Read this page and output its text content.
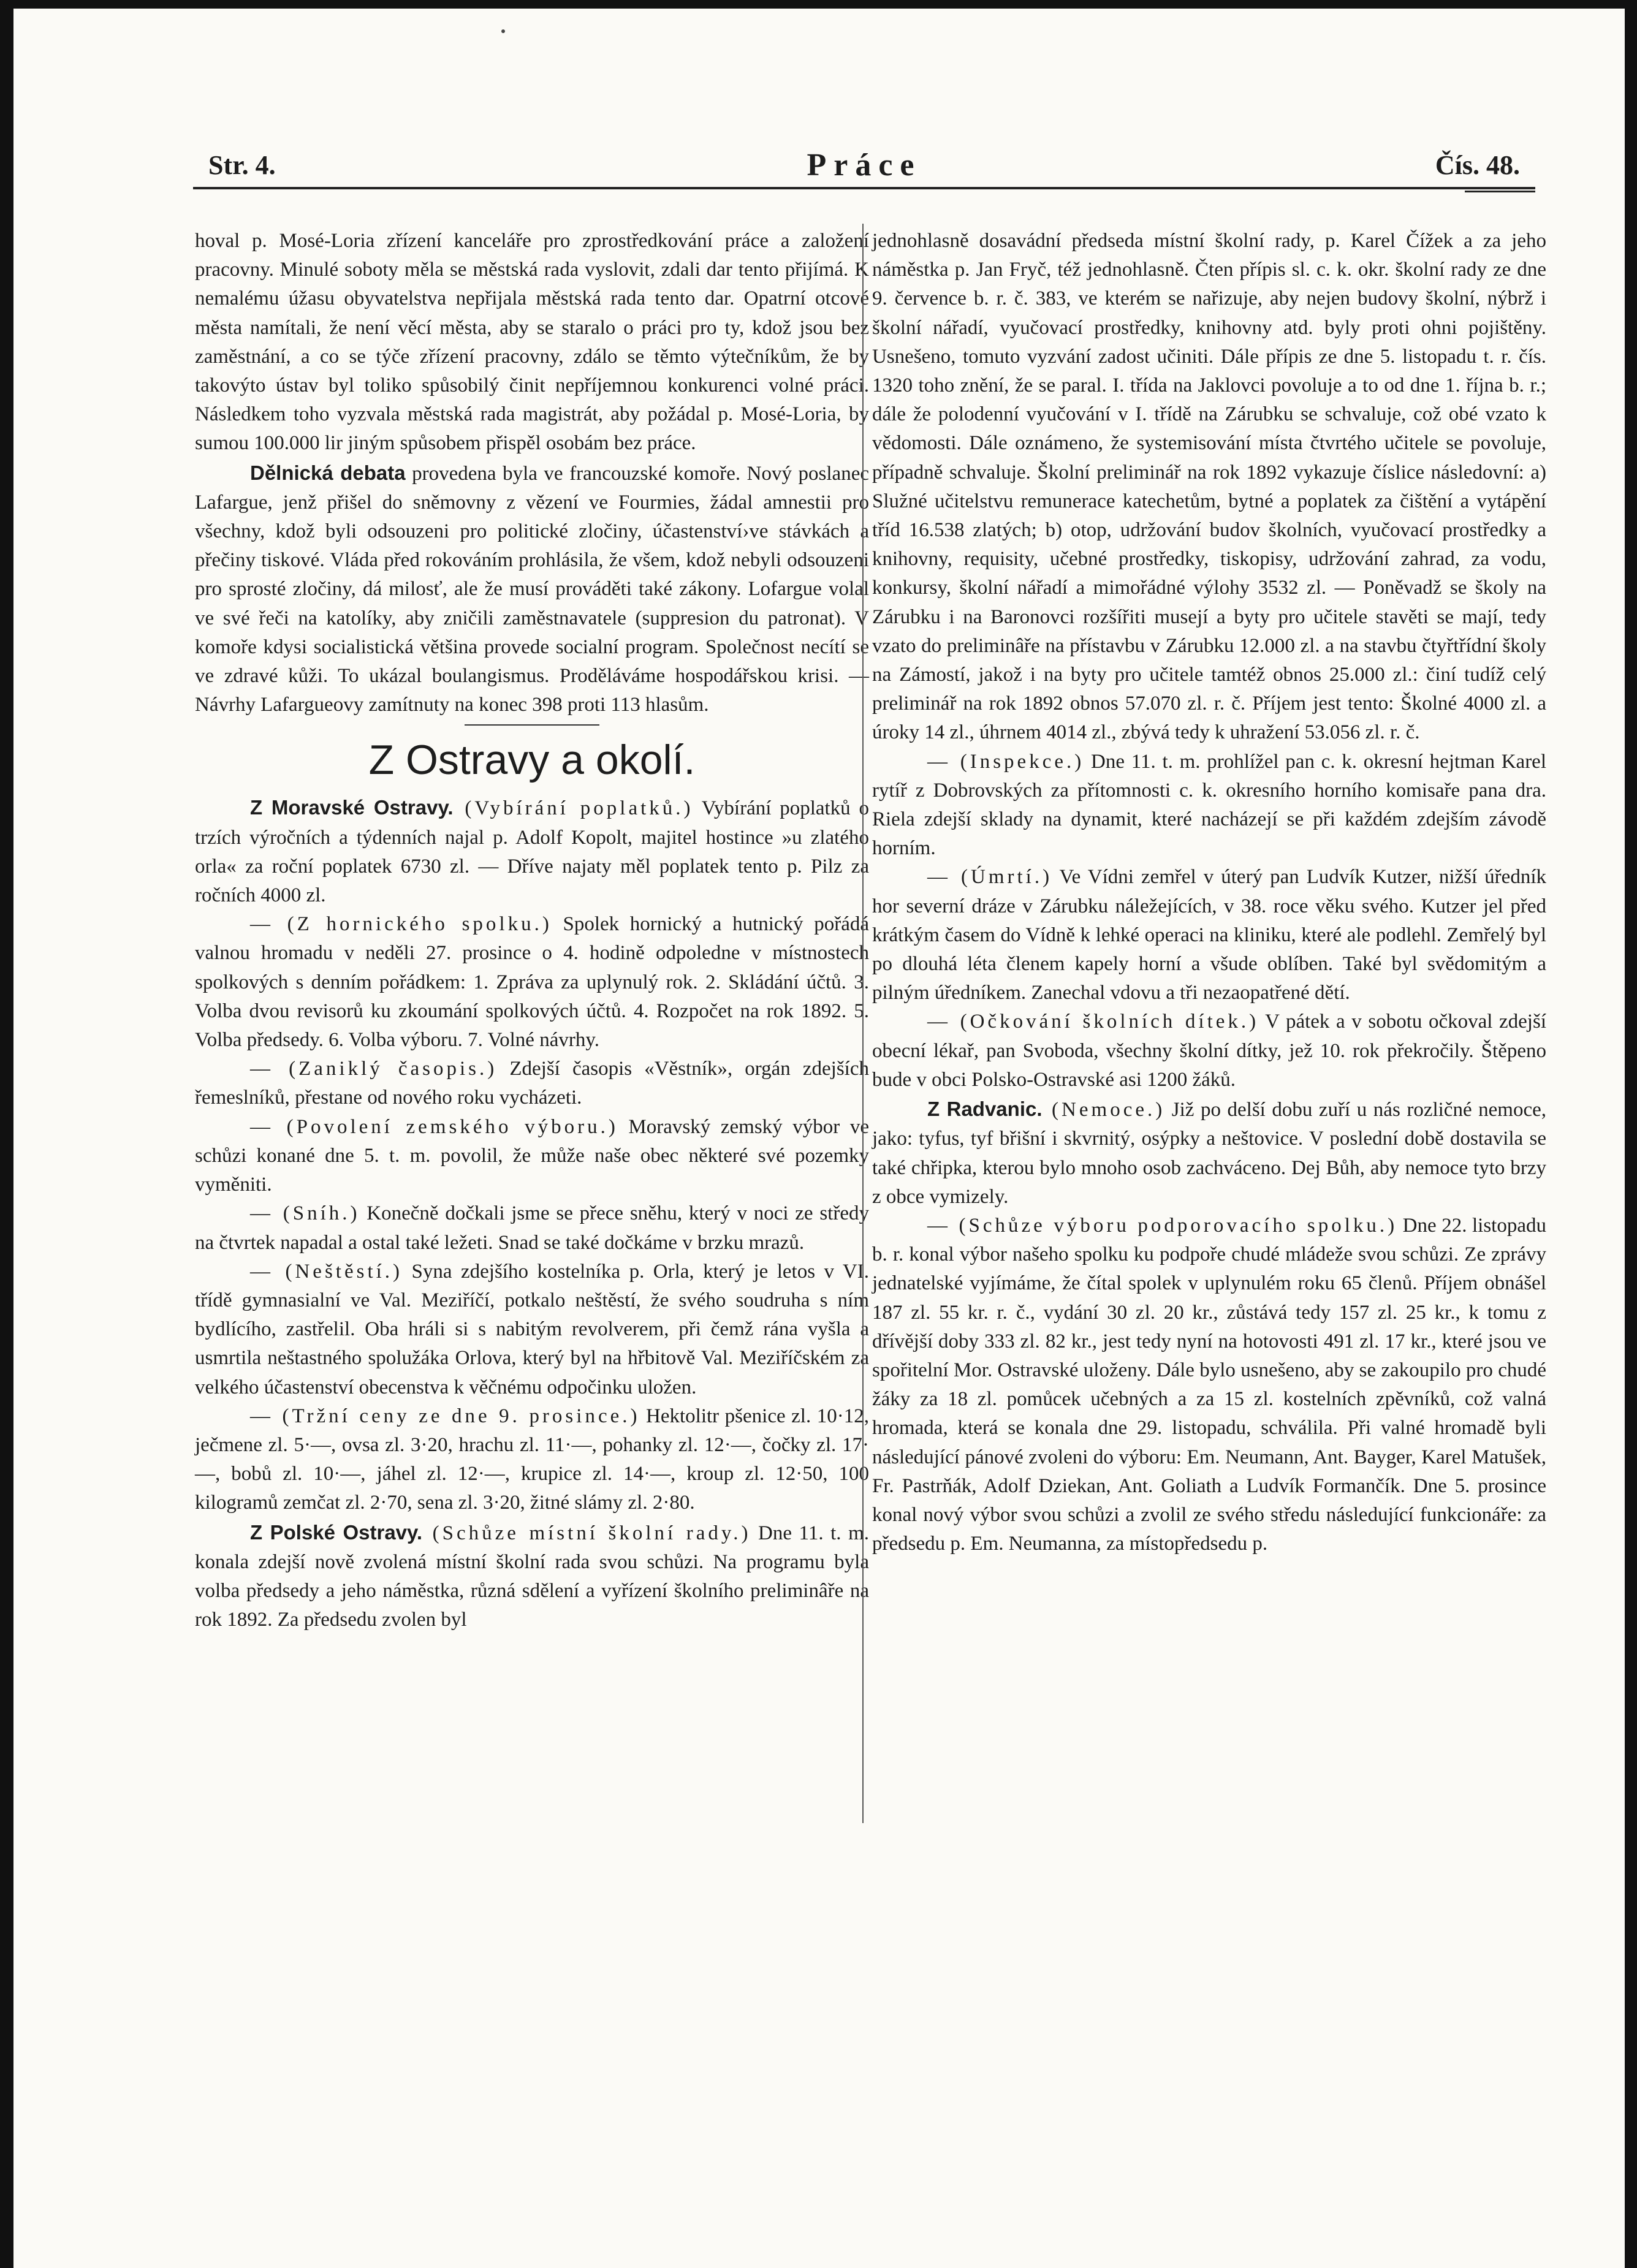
Str. 4.	Práce	Čís. 48.

hoval p. Mosé-Loria zřízení kanceláře pro zprostředkování práce a založení pracovny. Minulé soboty měla se městská rada vyslovit, zdali dar tento přijímá. K nemalému úžasu obyvatelstva nepřijala městská rada tento dar. Opatrní otcové města namítali, že není věcí města, aby se staralo o práci pro ty, kdož jsou bez zaměstnání, a co se týče zřízení pracovny, zdálo se těmto výtečníkům, že by takovýto ústav byl toliko spůsobilý činit nepříjemnou konkurenci volné práci. Následkem toho vyzvala městská rada magistrát, aby požádal p. Mosé-Loria, by sumou 100.000 lir jiným spůsobem přispěl osobám bez práce.

Dělnická debata provedena byla ve francouzské komoře. Nový poslanec Lafargue, jenž přišel do sněmovny z vězení ve Fourmies, žádal amnestii pro všechny, kdož byli odsouzeni pro politické zločiny, účastenství›ve stávkách a přečiny tiskové. Vláda před rokováním prohlásila, že všem, kdož nebyli odsouzeni pro sprosté zločiny, dá milosť, ale že musí prováděti také zákony. Lofargue volal ve své řeči na katolíky, aby zničili zaměstnavatele (suppresion du patronat). V komoře kdysi socialistická většina provede socialní program. Společnost necítí se ve zdravé kůži. To ukázal boulangismus. Proděláváme hospodářskou krisi. — Návrhy Lafargueovy zamítnuty na konec 398 proti 113 hlasům.

Z Ostravy a okolí.

Z Moravské Ostravy. (Vybírání poplatků.) Vybírání poplatků o trzích výročních a týdenních najal p. Adolf Kopolt, majitel hostince »u zlatého orla« za roční poplatek 6730 zl. — Dříve najaty měl poplatek tento p. Pilz za ročních 4000 zl.

— (Z hornického spolku.) Spolek hornický a hutnický pořádá valnou hromadu v neděli 27. prosince o 4. hodině odpoledne v místnostech spolkových s denním pořádkem: 1. Zpráva za uplynulý rok. 2. Skládání účtů. 3. Volba dvou revisorů ku zkoumání spolkových účtů. 4. Rozpočet na rok 1892. 5. Volba předsedy. 6. Volba výboru. 7. Volné návrhy.

— (Zaniklý časopis.) Zdejší časopis «Věstník», orgán zdejších řemeslníků, přestane od nového roku vycházeti.

— (Povolení zemského výboru.) Moravský zemský výbor ve schůzi konané dne 5. t. m. povolil, že může naše obec některé své pozemky vyměniti.

— (Sníh.) Konečně dočkali jsme se přece sněhu, který v noci ze středy na čtvrtek napadal a ostal také ležeti. Snad se také dočkáme v brzku mrazů.

— (Neštěstí.) Syna zdejšího kostelníka p. Orla, který je letos v VI. třídě gymnasialní ve Val. Meziříčí, potkalo neštěstí, že svého soudruha s ním bydlícího, zastřelil. Oba hráli si s nabitým revolverem, při čemž rána vyšla a usmrtila neštastného spolužáka Orlova, který byl na hřbitově Val. Meziříčském za velkého účastenství obecenstva k věčnému odpočinku uložen.

— (Tržní ceny ze dne 9. prosince.) Hektolitr pšenice zl. 10·12, ječmene zl. 5·—, ovsa zl. 3·20, hrachu zl. 11·—, pohanky zl. 12·—, čočky zl. 17·—, bobů zl. 10·—, jáhel zl. 12·—, krupice zl. 14·—, kroup zl. 12·50, 100 kilogramů zemčat zl. 2·70, sena zl. 3·20, žitné slámy zl. 2·80.

Z Polské Ostravy. (Schůze místní školní rady.) Dne 11. t. m. konala zdejší nově zvolená místní školní rada svou schůzi. Na programu byla volba předsedy a jeho náměstka, různá sdělení a vyřízení školního preliminâře na rok 1892. Za předsedu zvolen byl

jednohlasně dosavádní předseda místní školní rady, p. Karel Čížek a za jeho náměstka p. Jan Fryč, též jednohlasně. Čten přípis sl. c. k. okr. školní rady ze dne 9. července b. r. č. 383, ve kterém se nařizuje, aby nejen budovy školní, nýbrž i školní nářadí, vyučovací prostředky, knihovny atd. byly proti ohni pojištěny. Usnešeno, tomuto vyzvání zadost učiniti. Dále přípis ze dne 5. listopadu t. r. čís. 1320 toho znění, že se paral. I. třída na Jaklovci povoluje a to od dne 1. října b. r.; dále že polodenní vyučování v I. třídě na Zárubku se schvaluje, což obé vzato k vědomosti. Dále oznámeno, že systemisování místa čtvrtého učitele se povoluje, případně schvaluje. Školní preliminář na rok 1892 vykazuje číslice následovní: a) Služné učitelstvu remunerace katechetům, bytné a poplatek za čištění a vytápění tříd 16.538 zlatých; b) otop, udržování budov školních, vyučovací prostředky a knihovny, requisity, učebné prostředky, tiskopisy, udržování zahrad, za vodu, konkursy, školní nářadí a mimořádné výlohy 3532 zl. — Poněvadž se školy na Zárubku i na Baronovci rozšířiti musejí a byty pro učitele stavěti se mají, tedy vzato do preliminâře na přístavbu v Zárubku 12.000 zl. a na stavbu čtyřtřídní školy na Zámostí, jakož i na byty pro učitele tamtéž obnos 25.000 zl.: činí tudíž celý preliminář na rok 1892 obnos 57.070 zl. r. č. Příjem jest tento: Školné 4000 zl. a úroky 14 zl., úhrnem 4014 zl., zbývá tedy k uhražení 53.056 zl. r. č.

— (Inspekce.) Dne 11. t. m. prohlížel pan c. k. okresní hejtman Karel rytíř z Dobrovských za přítomnosti c. k. okresního horního komisaře pana dra. Riela zdejší sklady na dynamit, které nacházejí se při každém zdejším závodě horním.

— (Úmrtí.) Ve Vídni zemřel v úterý pan Ludvík Kutzer, nižší úředník hor severní dráze v Zárubku náležejících, v 38. roce věku svého. Kutzer jel před krátkým časem do Vídně k lehké operaci na kliniku, které ale podlehl. Zemřelý byl po dlouhá léta členem kapely horní a všude oblíben. Také byl svědomitým a pilným úředníkem. Zanechal vdovu a tři nezaopatřené dětí.

— (Očkování školních dítek.) V pátek a v sobotu očkoval zdejší obecní lékař, pan Svoboda, všechny školní dítky, jež 10. rok překročily. Štěpeno bude v obci Polsko-Ostravské asi 1200 žáků.

Z Radvanic. (Nemoce.) Již po delší dobu zuří u nás rozličné nemoce, jako: tyfus, tyf břišní i skvrnitý, osýpky a neštovice. V poslední době dostavila se také chřipka, kterou bylo mnoho osob zachváceno. Dej Bůh, aby nemoce tyto brzy z obce vymizely.

— (Schůze výboru podporovacího spolku.) Dne 22. listopadu b. r. konal výbor našeho spolku ku podpoře chudé mládeže svou schůzi. Ze zprávy jednatelské vyjímáme, že čítal spolek v uplynulém roku 65 členů. Příjem obnášel 187 zl. 55 kr. r. č., vydání 30 zl. 20 kr., zůstává tedy 157 zl. 25 kr., k tomu z dřívější doby 333 zl. 82 kr., jest tedy nyní na hotovosti 491 zl. 17 kr., které jsou ve spořitelní Mor. Ostravské uloženy. Dále bylo usnešeno, aby se zakoupilo pro chudé žáky za 18 zl. pomůcek učebných a za 15 zl. kostelních zpěvníků, což valná hromada, která se konala dne 29. listopadu, schválila. Při valné hromadě byli následující pánové zvoleni do výboru: Em. Neumann, Ant. Bayger, Karel Matušek, Fr. Pastrňák, Adolf Dziekan, Ant. Goliath a Ludvík Formančík. Dne 5. prosince konal nový výbor svou schůzi a zvolil ze svého středu následující funkcionáře: za předsedu p. Em. Neumanna, za místopředsedu p.
